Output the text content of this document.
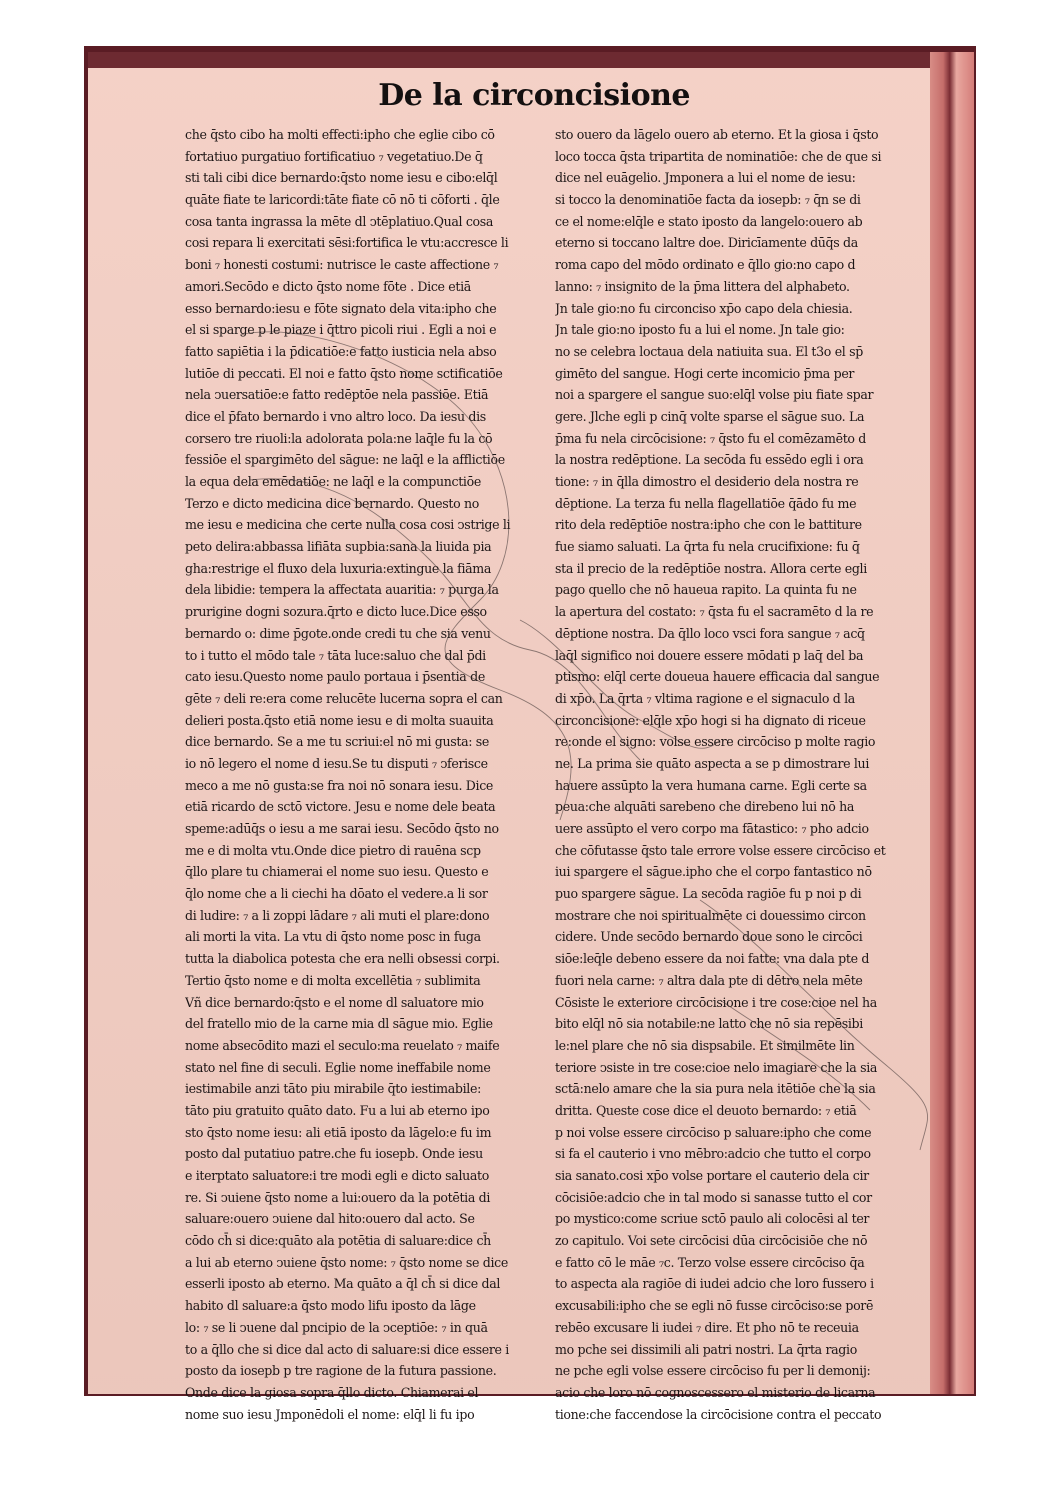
De la circoncisione
che q̄sto cibo ha molti effecti:ipho che eglie cibo cō
fortatiuo purgatiuo fortificatiuo ₇ vegetatiuo.De q̄
sti tali cibi dice bernardo:q̄sto nome iesu e cibo:elq̄l
quāte fiate te laricordi:tāte fiate cō nō ti cōforti . q̄le
cosa tanta ingrassa la mēte dl ↄtēplatiuo.Qual cosa
cosi repara li exercitati sēsi:fortifica le vtu:accresce li
boni ₇ honesti costumi: nutrisce le caste affectione ₇
amori.Secōdo e dicto q̄sto nome fōte . Dice etiā
esso bernardo:iesu e fōte signato dela vita:ipho che
el si sparge p le piaze i q̄ttro picoli riui . Egli a noi e
fatto sapiētia i la p̄dicatiōe:e fatto iusticia nela abso
lutiōe di peccati. El noi e fatto q̄sto nome sctificatiōe
nela ↄuersatiōe:e fatto redēptōe nela passiōe. Etiā
dice el p̄fato bernardo i vno altro loco. Da iesu dis
corsero tre riuoli:la adolorata pola:ne laq̄le fu la cō
fessiōe el spargimēto del sāgue: ne laq̄l e la afflictiōe
la equa dela emēdatiōe: ne laq̄l e la compunctiōe
Terzo e dicto medicina dice bernardo. Questo no
me iesu e medicina che certe nulla cosa cosi ↄstrige li
peto delira:abbassa lifiāta supbia:sana la liuida pia
gha:restrige el fluxo dela luxuria:extingue la fiāma
dela libidie: tempera la affectata auaritia: ₇ purga la
prurigine dogni sozura.q̄rto e dicto luce.Dice esso
bernardo o: dime p̄gote.onde credi tu che sia venu
to i tutto el mōdo tale ₇ tāta luce:saluo che dal p̄di
cato iesu.Questo nome paulo portaua i p̄sentia de
gēte ₇ deli re:era come relucēte lucerna sopra el can
delieri posta.q̄sto etiā nome iesu e di molta suauita
dice bernardo. Se a me tu scriui:el nō mi gusta: se
io nō legero el nome d iesu.Se tu disputi ₇ ↄferisce
meco a me nō gusta:se fra noi nō sonara iesu. Dice
etiā ricardo de sctō victore. Jesu e nome dele beata
speme:adūq̄s o iesu a me sarai iesu. Secōdo q̄sto no
me e di molta vtu.Onde dice pietro di rauēna scp
q̄llo plare tu chiamerai el nome suo iesu. Questo e
q̄lo nome che a li ciechi ha dōato el vedere.a li sor
di ludire: ₇ a li zoppi lādare ₇ ali muti el plare:dono
ali morti la vita. La vtu di q̄sto nome posc in fuga
tutta la diabolica potesta che era nelli obsessi corpi.
Tertio q̄sto nome e di molta excellētia ₇ sublimita
Vñ dice bernardo:q̄sto e el nome dl saluatore mio
del fratello mio de la carne mia dl sāgue mio. Eglie
nome absecōdito mazi el seculo:ma reuelato ₇ maife
stato nel fine di seculi. Eglie nome ineffabile nome
iestimabile anzi tāto piu mirabile q̄to iestimabile:
tāto piu gratuito quāto dato. Fu a lui ab eterno ipo
sto q̄sto nome iesu: ali etiā iposto da lāgelo:e fu im
posto dal putatiuo patre.che fu iosepb. Onde iesu
e iterptato saluatore:i tre modi egli e dicto saluato
re. Si ↄuiene q̄sto nome a lui:ouero da la potētia di
saluare:ouero ↄuiene dal hito:ouero dal acto. Se
cōdo ch̄ si dice:quāto ala potētia di saluare:dice ch̄
a lui ab eterno ↄuiene q̄sto nome: ₇ q̄sto nome se dice
esserli iposto ab eterno. Ma quāto a q̄l ch̄ si dice dal
habito dl saluare:a q̄sto modo lifu iposto da lāge
lo: ₇ se li ↄuene dal pncipio de la ↄceptiōe: ₇ in quā
to a q̄llo che si dice dal acto di saluare:si dice essere i
posto da iosepb p tre ragione de la futura passione.
Onde dice la giosa sopra q̄llo dicto. Chiamerai el
nome suo iesu Jmponēdoli el nome: elq̄l li fu ipo
sto ouero da lāgelo ouero ab eterno. Et la giosa i q̄sto
loco tocca q̄sta tripartita de nominatiōe: che de que si
dice nel euāgelio. Jmponera a lui el nome de iesu:
si tocco la denominatiōe facta da iosepb: ₇ q̄n se di
ce el nome:elq̄le e stato iposto da langelo:ouero ab
eterno si toccano laltre doe. Diricīamente dūq̄s da
roma capo del mōdo ordinato e q̄llo gio:no capo d
lanno: ₇ insignito de la p̄ma littera del alphabeto.
Jn tale gio:no fu circonciso xp̄o capo dela chiesia.
Jn tale gio:no iposto fu a lui el nome. Jn tale gio:
no se celebra loctaua dela natiuita sua. El t3o el sp̄
gimēto del sangue. Hogi certe incomicio p̄ma per
noi a spargere el sangue suo:elq̄l volse piu fiate spar
gere. Jlche egli p cinq̄ volte sparse el sāgue suo. La
p̄ma fu nela circōcisione: ₇ q̄sto fu el comēzamēto d
la nostra redēptione. La secōda fu essēdo egli i ora
tione: ₇ in q̄lla dimostro el desiderio dela nostra re
dēptione. La terza fu nella flagellatiōe q̄ādo fu me
rito dela redēptiōe nostra:ipho che con le battiture
fue siamo saluati. La q̄rta fu nela crucifixione: fu q̄
sta il precio de la redēptiōe nostra. Allora certe egli
pago quello che nō haueua rapito. La quinta fu ne
la apertura del costato: ₇ q̄sta fu el sacramēto d la re
dēptione nostra. Da q̄llo loco vsci fora sangue ₇ acq̄
laq̄l significo noi douere essere mōdati p laq̄ del ba
ptismo: elq̄l certe doueua hauere efficacia dal sangue
di xp̄o. La q̄rta ₇ vltima ragione e el signaculo d la
circoncisione: elq̄le xp̄o hogi si ha dignato di riceue
re:onde el signo: volse essere circōciso p molte ragio
ne. La prima sie quāto aspecta a se p dimostrare lui
hauere assūpto la vera humana carne. Egli certe sa
peua:che alquāti sarebeno che direbeno lui nō ha
uere assūpto el vero corpo ma fātastico: ₇ pho adcio
che cōfutasse q̄sto tale errore volse essere circōciso et
iui spargere el sāgue.ipho che el corpo fantastico nō
puo spargere sāgue. La secōda ragiōe fu p noi p di
mostrare che noi spiritualmēte ci douessimo circon
cidere. Unde secōdo bernardo doue sono le circōci
siōe:leq̄le debeno essere da noi fatte: vna dala pte d
fuori nela carne: ₇ altra dala pte di dētro nela mēte
Cōsiste le exteriore circōcisione i tre cose:cioe nel ha
bito elq̄l nō sia notabile:ne latto che nō sia repēsibi
le:nel plare che nō sia dispsabile. Et similmēte lin
teriore ↄsiste in tre cose:cioe nelo imagiare che la sia
sctā:nelo amare che la sia pura nela itētiōe che la sia
dritta. Queste cose dice el deuoto bernardo: ₇ etiā
p noi volse essere circōciso p saluare:ipho che come
si fa el cauterio i vno mēbro:adcio che tutto el corpo
sia sanato.cosi xp̄o volse portare el cauterio dela cir
cōcisiōe:adcio che in tal modo si sanasse tutto el cor
po mystico:come scriue sctō paulo ali colocēsi al ter
zo capitulo. Voi sete circōcisi dūa circōcisiōe che nō
e fatto cō le māe ₇c. Terzo volse essere circōciso q̄a
to aspecta ala ragiōe di iudei adcio che loro fussero i
excusabili:ipho che se egli nō fusse circōciso:se porē
rebēo excusare li iudei ₇ dire. Et pho nō te receuia
mo pche sei dissimili ali patri nostri. La q̄rta ragio
ne pche egli volse essere circōciso fu per li demonij:
acio che loro nō cognoscessero el misterio de licarna
tione:che faccendose la circōcisione contra el peccato
